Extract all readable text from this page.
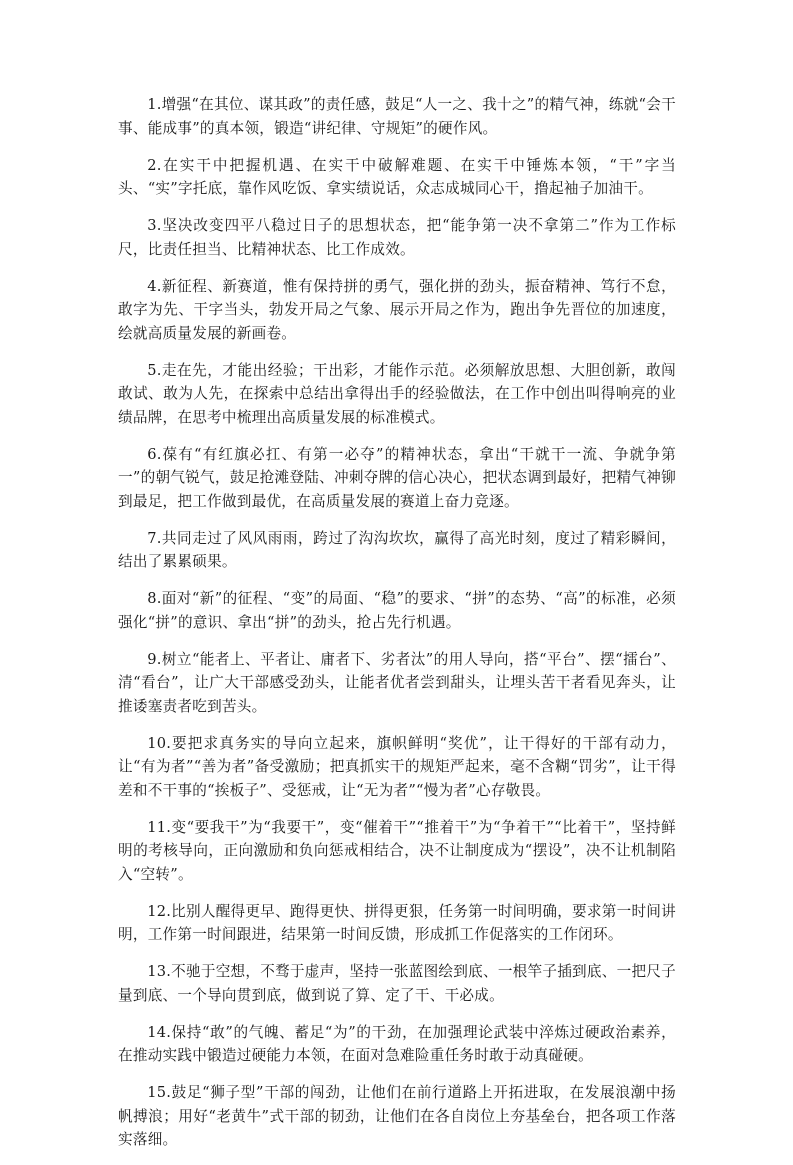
1.增强“在其位、谋其政”的责任感，鼓足“人一之、我十之”的精气神，练就“会干事、能成事”的真本领，锻造“讲纪律、守规矩”的硬作风。

2.在实干中把握机遇、在实干中破解难题、在实干中锤炼本领，“干”字当头、“实”字托底，靠作风吃饭、拿实绩说话，众志成城同心干，撸起袖子加油干。

3.坚决改变四平八稳过日子的思想状态，把“能争第一决不拿第二”作为工作标尺，比责任担当、比精神状态、比工作成效。

4.新征程、新赛道，惟有保持拼的勇气，强化拼的劲头，振奋精神、笃行不怠，敢字为先、干字当头，勃发开局之气象、展示开局之作为，跑出争先晋位的加速度，绘就高质量发展的新画卷。

5.走在先，才能出经验；干出彩，才能作示范。必须解放思想、大胆创新，敢闯敢试、敢为人先，在探索中总结出拿得出手的经验做法，在工作中创出叫得响亮的业绩品牌，在思考中梳理出高质量发展的标准模式。

6.葆有“有红旗必扛、有第一必夺”的精神状态，拿出“干就干一流、争就争第一”的朝气锐气，鼓足抢滩登陆、冲刺夺牌的信心决心，把状态调到最好，把精气神铆到最足，把工作做到最优，在高质量发展的赛道上奋力竞逐。

7.共同走过了风风雨雨，跨过了沟沟坎坎，赢得了高光时刻，度过了精彩瞬间，结出了累累硕果。

8.面对“新”的征程、“变”的局面、“稳”的要求、“拼”的态势、“高”的标准，必须强化“拼”的意识、拿出“拼”的劲头，抢占先行机遇。

9.树立“能者上、平者让、庸者下、劣者汰”的用人导向，搭“平台”、摆“擂台”、清“看台”，让广大干部感受劲头，让能者优者尝到甜头，让埋头苦干者看见奔头，让推诿塞责者吃到苦头。

10.要把求真务实的导向立起来，旗帜鲜明“奖优”，让干得好的干部有动力，让“有为者”“善为者”备受激励；把真抓实干的规矩严起来，毫不含糊“罚劣”，让干得差和不干事的“挨板子”、受惩戒，让“无为者”“慢为者”心存敬畏。

11.变“要我干”为“我要干”，变“催着干”“推着干”为“争着干”“比着干”，坚持鲜明的考核导向，正向激励和负向惩戒相结合，决不让制度成为“摆设”，决不让机制陷入“空转”。

12.比别人醒得更早、跑得更快、拼得更狠，任务第一时间明确，要求第一时间讲明，工作第一时间跟进，结果第一时间反馈，形成抓工作促落实的工作闭环。

13.不驰于空想，不骛于虚声，坚持一张蓝图绘到底、一根竿子插到底、一把尺子量到底、一个导向贯到底，做到说了算、定了干、干必成。

14.保持“敢”的气魄、蓄足“为”的干劲，在加强理论武装中淬炼过硬政治素养，在推动实践中锻造过硬能力本领，在面对急难险重任务时敢于动真碰硬。

15.鼓足“狮子型”干部的闯劲，让他们在前行道路上开拓进取，在发展浪潮中扬帆搏浪；用好“老黄牛”式干部的韧劲，让他们在各自岗位上夯基垒台，把各项工作落实落细。
